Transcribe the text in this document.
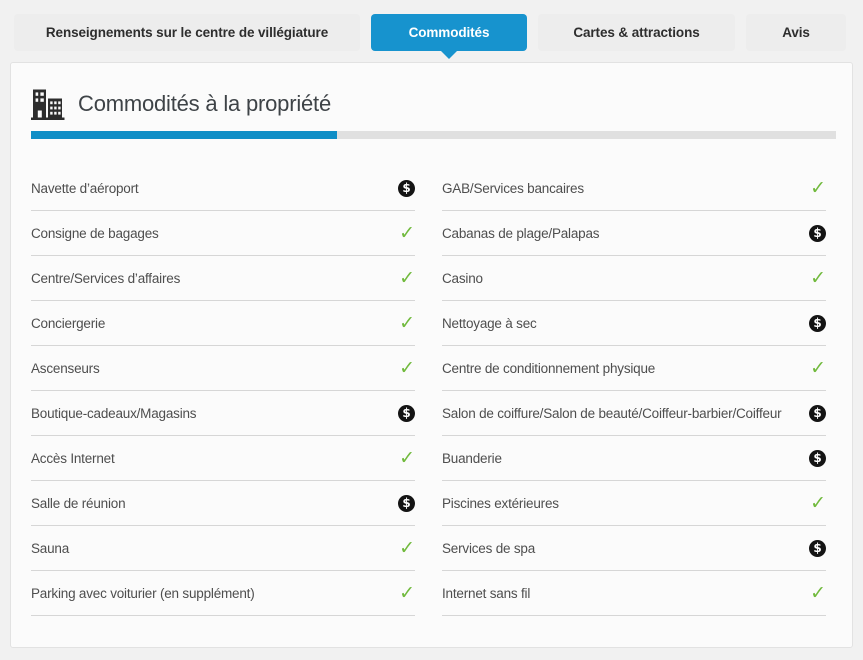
Renseignements sur le centre de villégiature	Commodités	Cartes & attractions	Avis
Commodités à la propriété
Navette d’aéroport	$
Consigne de bagages	✓
Centre/Services d’affaires	✓
Conciergerie	✓
Ascenseurs	✓
Boutique-cadeaux/Magasins	$
Accès Internet	✓
Salle de réunion	$
Sauna	✓
Parking avec voiturier (en supplément)	✓
GAB/Services bancaires	✓
Cabanas de plage/Palapas	$
Casino	✓
Nettoyage à sec	$
Centre de conditionnement physique	✓
Salon de coiffure/Salon de beauté/Coiffeur-barbier/Coiffeur	$
Buanderie	$
Piscines extérieures	✓
Services de spa	$
Internet sans fil	✓
